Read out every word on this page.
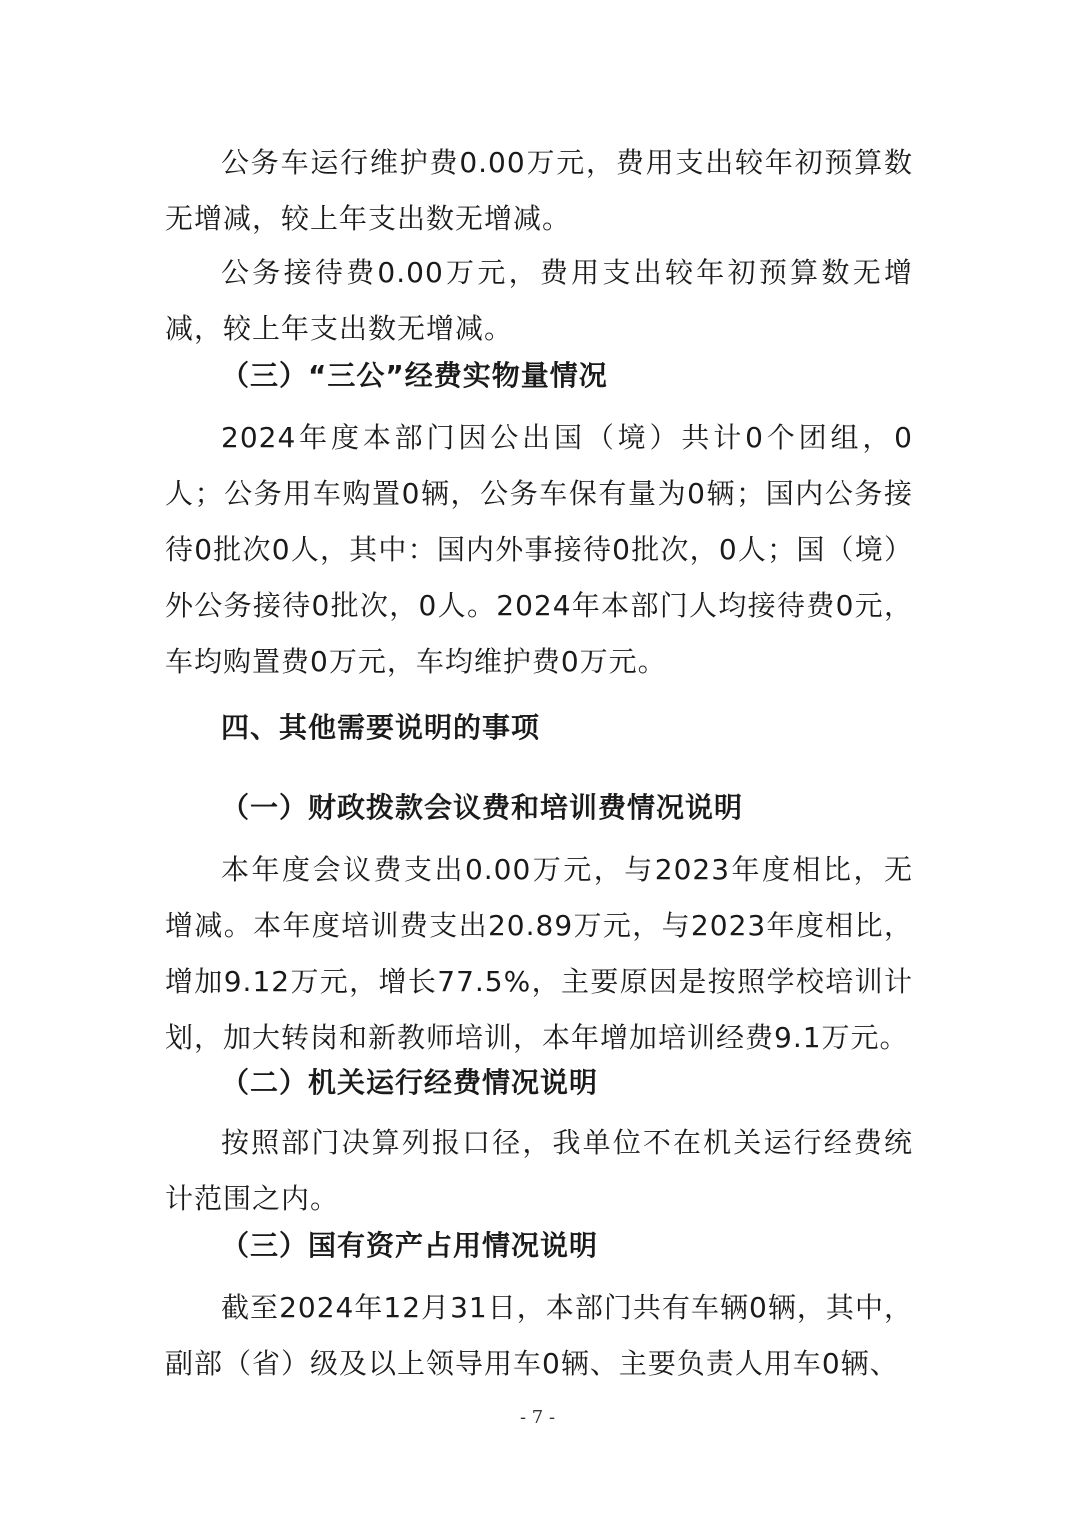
公务车运行维护费0.00万元，费用支出较年初预算数无增减，较上年支出数无增减。

公务接待费0.00万元，费用支出较年初预算数无增减，较上年支出数无增减。

（三）“三公”经费实物量情况

2024年度本部门因公出国（境）共计0个团组，0人；公务用车购置0辆，公务车保有量为0辆；国内公务接待0批次0人，其中：国内外事接待0批次，0人；国（境）外公务接待0批次，0人。2024年本部门人均接待费0元，车均购置费0万元，车均维护费0万元。

四、其他需要说明的事项

（一）财政拨款会议费和培训费情况说明

本年度会议费支出0.00万元，与2023年度相比，无增减。本年度培训费支出20.89万元，与2023年度相比，增加9.12万元，增长77.5%，主要原因是按照学校培训计划，加大转岗和新教师培训，本年增加培训经费9.1万元。

（二）机关运行经费情况说明

按照部门决算列报口径，我单位不在机关运行经费统计范围之内。

（三）国有资产占用情况说明

截至2024年12月31日，本部门共有车辆0辆，其中，副部（省）级及以上领导用车0辆、主要负责人用车0辆、

- 7 -
